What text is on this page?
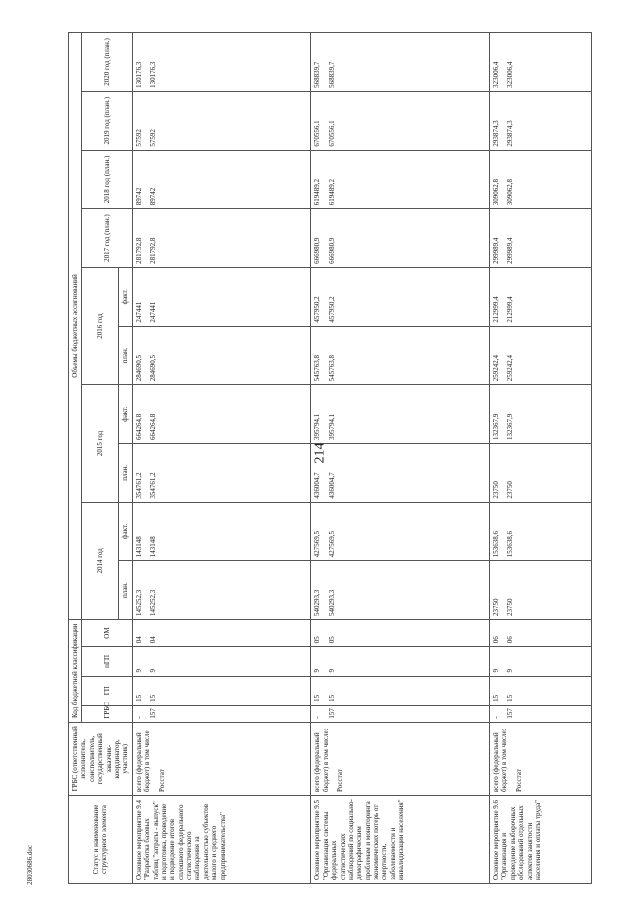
214
28030686.doc	Статус и наименование структурного элемента	ГРБС (ответственный исполнитель, соисполнитель, государственный заказчик-координатор, участник)	Код бюджетной классификации				Объемы бюджетных ассигнований									
		ГРБС	ГП	пГП	ОМ	2014 год		2015 год		2016 год		2017 год (план.)	2018 год (план.)	2019 год (план.)	2020 год (план.)
						план.	факт.	план.	факт.	план.	факт.				
Основное мероприятие 9.4 "Разработка базовых таблиц "затраты - выпуск" и подготовка, проведение и подведение итогов сплошного федерального статистического наблюдения за деятельностью субъектов малого и среднего предпринимательства"	всего (федеральный бюджет) в том числе Росстат	- 157	15 15	9 9	04 04	145252,3 145252,3	143148 143148	354761,2 354761,2	664264,8 664264,8	284690,5 284690,5	247441 247441	281792,8 281792,8	89742 89742	57592 57592	130176,3 130176,3

Основное мероприятие 9.5 "Организация системы федеральных статистических наблюдений по социально-демографическим проблемам и мониторинга экономических потерь от смертности, заболеваемости и инвалидизации населения"	всего (федеральный бюджет) в том числе: Росстат	- 157	15 15	9 9	05 05	540293,3 540293,3	427569,5 427569,5	436004,7 436004,7	395794,1 395794,1	545763,8 545763,8	457950,2 457950,2	666980,9 666980,9	619489,2 619489,2	670556,1 670556,1	568839,7 568839,7

Основное мероприятие 9.6 "Организация и проведение выборочных обследований отдельных аспектов занятости населения и оплаты труда"	всего (федеральный бюджет) в том числе: Росстат	- 157	15 15	9 9	06 06	23750 23750	153638,6 153638,6	23750 23750	132367,9 132367,9	259242,4 259242,4	212999,4 212999,4	299989,4 299989,4	309062,8 309062,8	293874,3 293874,3	323006,4 323006,4
